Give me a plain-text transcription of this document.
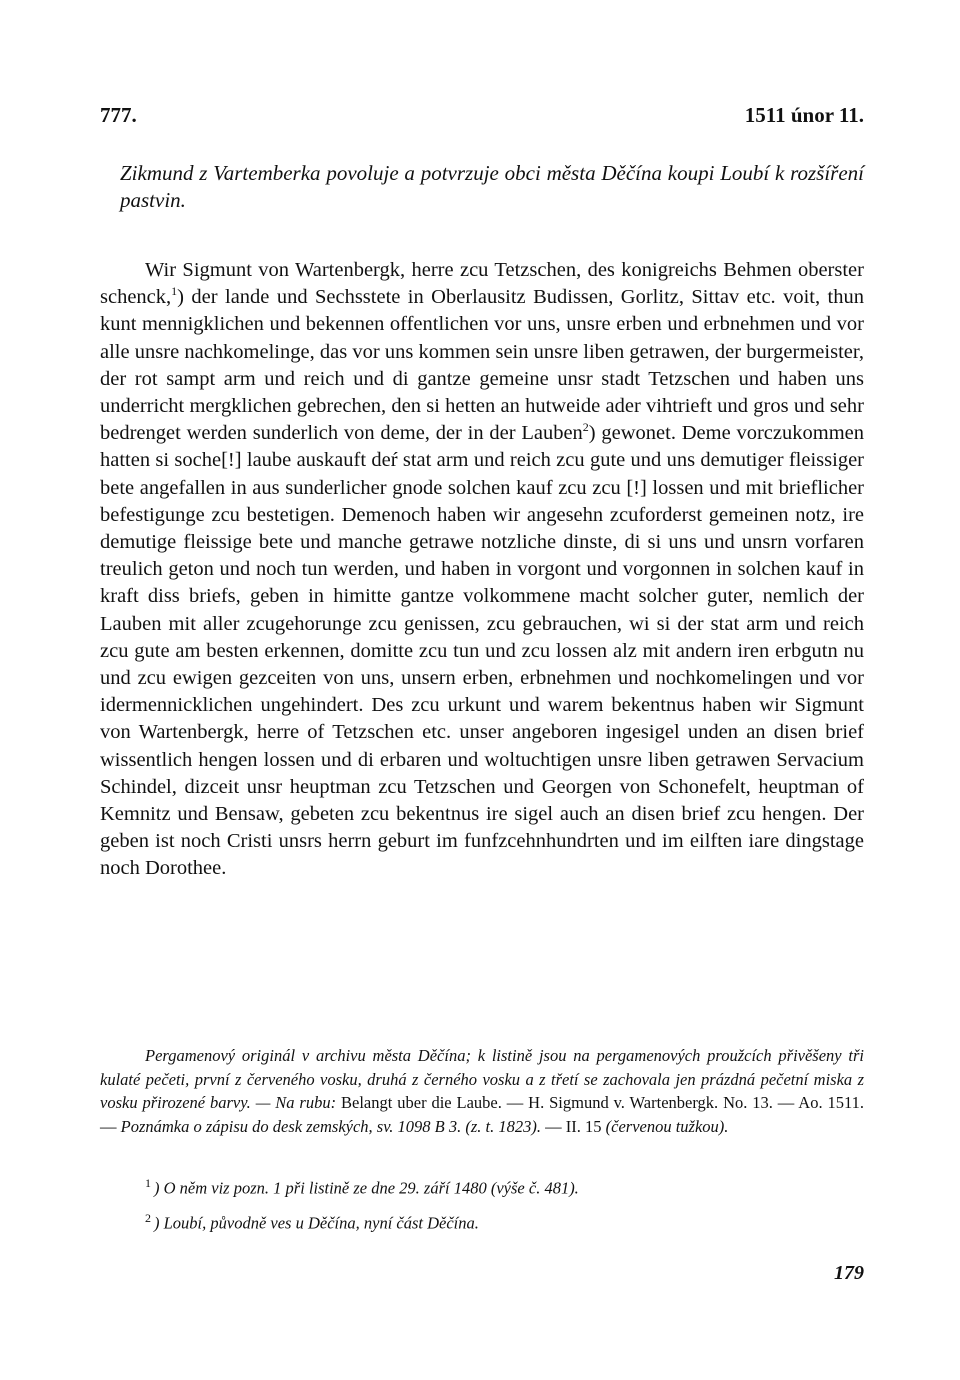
777.	1511 únor 11.
Zikmund z Vartemberka povoluje a potvrzuje obci města Děčína koupi Loubí k rozšíření pastvin.

Wir Sigmunt von Wartenbergk, herre zcu Tetzschen, des konigreichs Behmen oberster schenck,$^1$) der lande und Sechsstete in Oberlausitz Budissen, Gorlitz, Sittav etc. voit, thun kunt mennigklichen und bekennen offentlichen vor uns, unsre erben und erbnehmen und vor alle unsre nachkomelinge, das vor uns kommen sein unsre liben getrawen, der burgermeister, der rot sampt arm und reich und di gantze gemeine unsr stadt Tetzschen und haben uns underricht mergklichen gebrechen, den si hetten an hutweide ader vihtrieft und gros und sehr bedrenget werden sunderlich von deme, der in der Lauben$^2$) gewonet. Deme vorczukommen hatten si soche[!] laube auskauft deŕ stat arm und reich zcu gute und uns demutiger fleissiger bete angefallen in aus sunderlicher gnode solchen kauf zcu zcu [!] lossen und mit brieflicher befestigunge zcu bestetigen. Demenoch haben wir angesehn zcuforderst gemeinen notz, ire demutige fleissige bete und manche getrawe notzliche dinste, di si uns und unsrn vorfaren treulich geton und noch tun werden, und haben in vorgont und vorgonnen in solchen kauf in kraft diss briefs, geben in himitte gantze volkommene macht solcher guter, nemlich der Lauben mit aller zcugehorunge zcu genissen, zcu gebrauchen, wi si der stat arm und reich zcu gute am besten erkennen, domitte zcu tun und zcu lossen alz mit andern iren erbgutn nu und zcu ewigen gezceiten von uns, unsern erben, erbnehmen und nochkomelingen und vor idermennicklichen ungehindert. Des zcu urkunt und warem bekentnus haben wir Sigmunt von Wartenbergk, herre of Tetzschen etc. unser angeboren ingesigel unden an disen brief wissentlich hengen lossen und di erbaren und woltuchtigen unsre liben getrawen Servacium Schindel, dizceit unsr heuptman zcu Tetzschen und Georgen von Schonefelt, heuptman of Kemnitz und Bensaw, gebeten zcu bekentnus ire sigel auch an disen brief zcu hengen. Der geben ist noch Cristi unsrs herrn geburt im funfzcehnhundrten und im eilften iare dingstage noch Dorothee.

Pergamenový originál v archivu města Děčína; k listině jsou na pergamenových proužcích přivěšeny tři kulaté pečeti, první z červeného vosku, druhá z černého vosku a z třetí se zachovala jen prázdná pečetní miska z vosku přirozené barvy. — Na rubu: Belangt uber die Laube. — H. Sigmund v. Wartenbergk. No. 13. — Ao. 1511. — Poznámka o zápisu do desk zemských, sv. 1098 B 3. (z. t. 1823). — II. 15 (červenou tužkou).

$^1$ ) O něm viz pozn. 1 při listině ze dne 29. září 1480 (výše č. 481).

$^2$ ) Loubí, původně ves u Děčína, nyní část Děčína.

179
